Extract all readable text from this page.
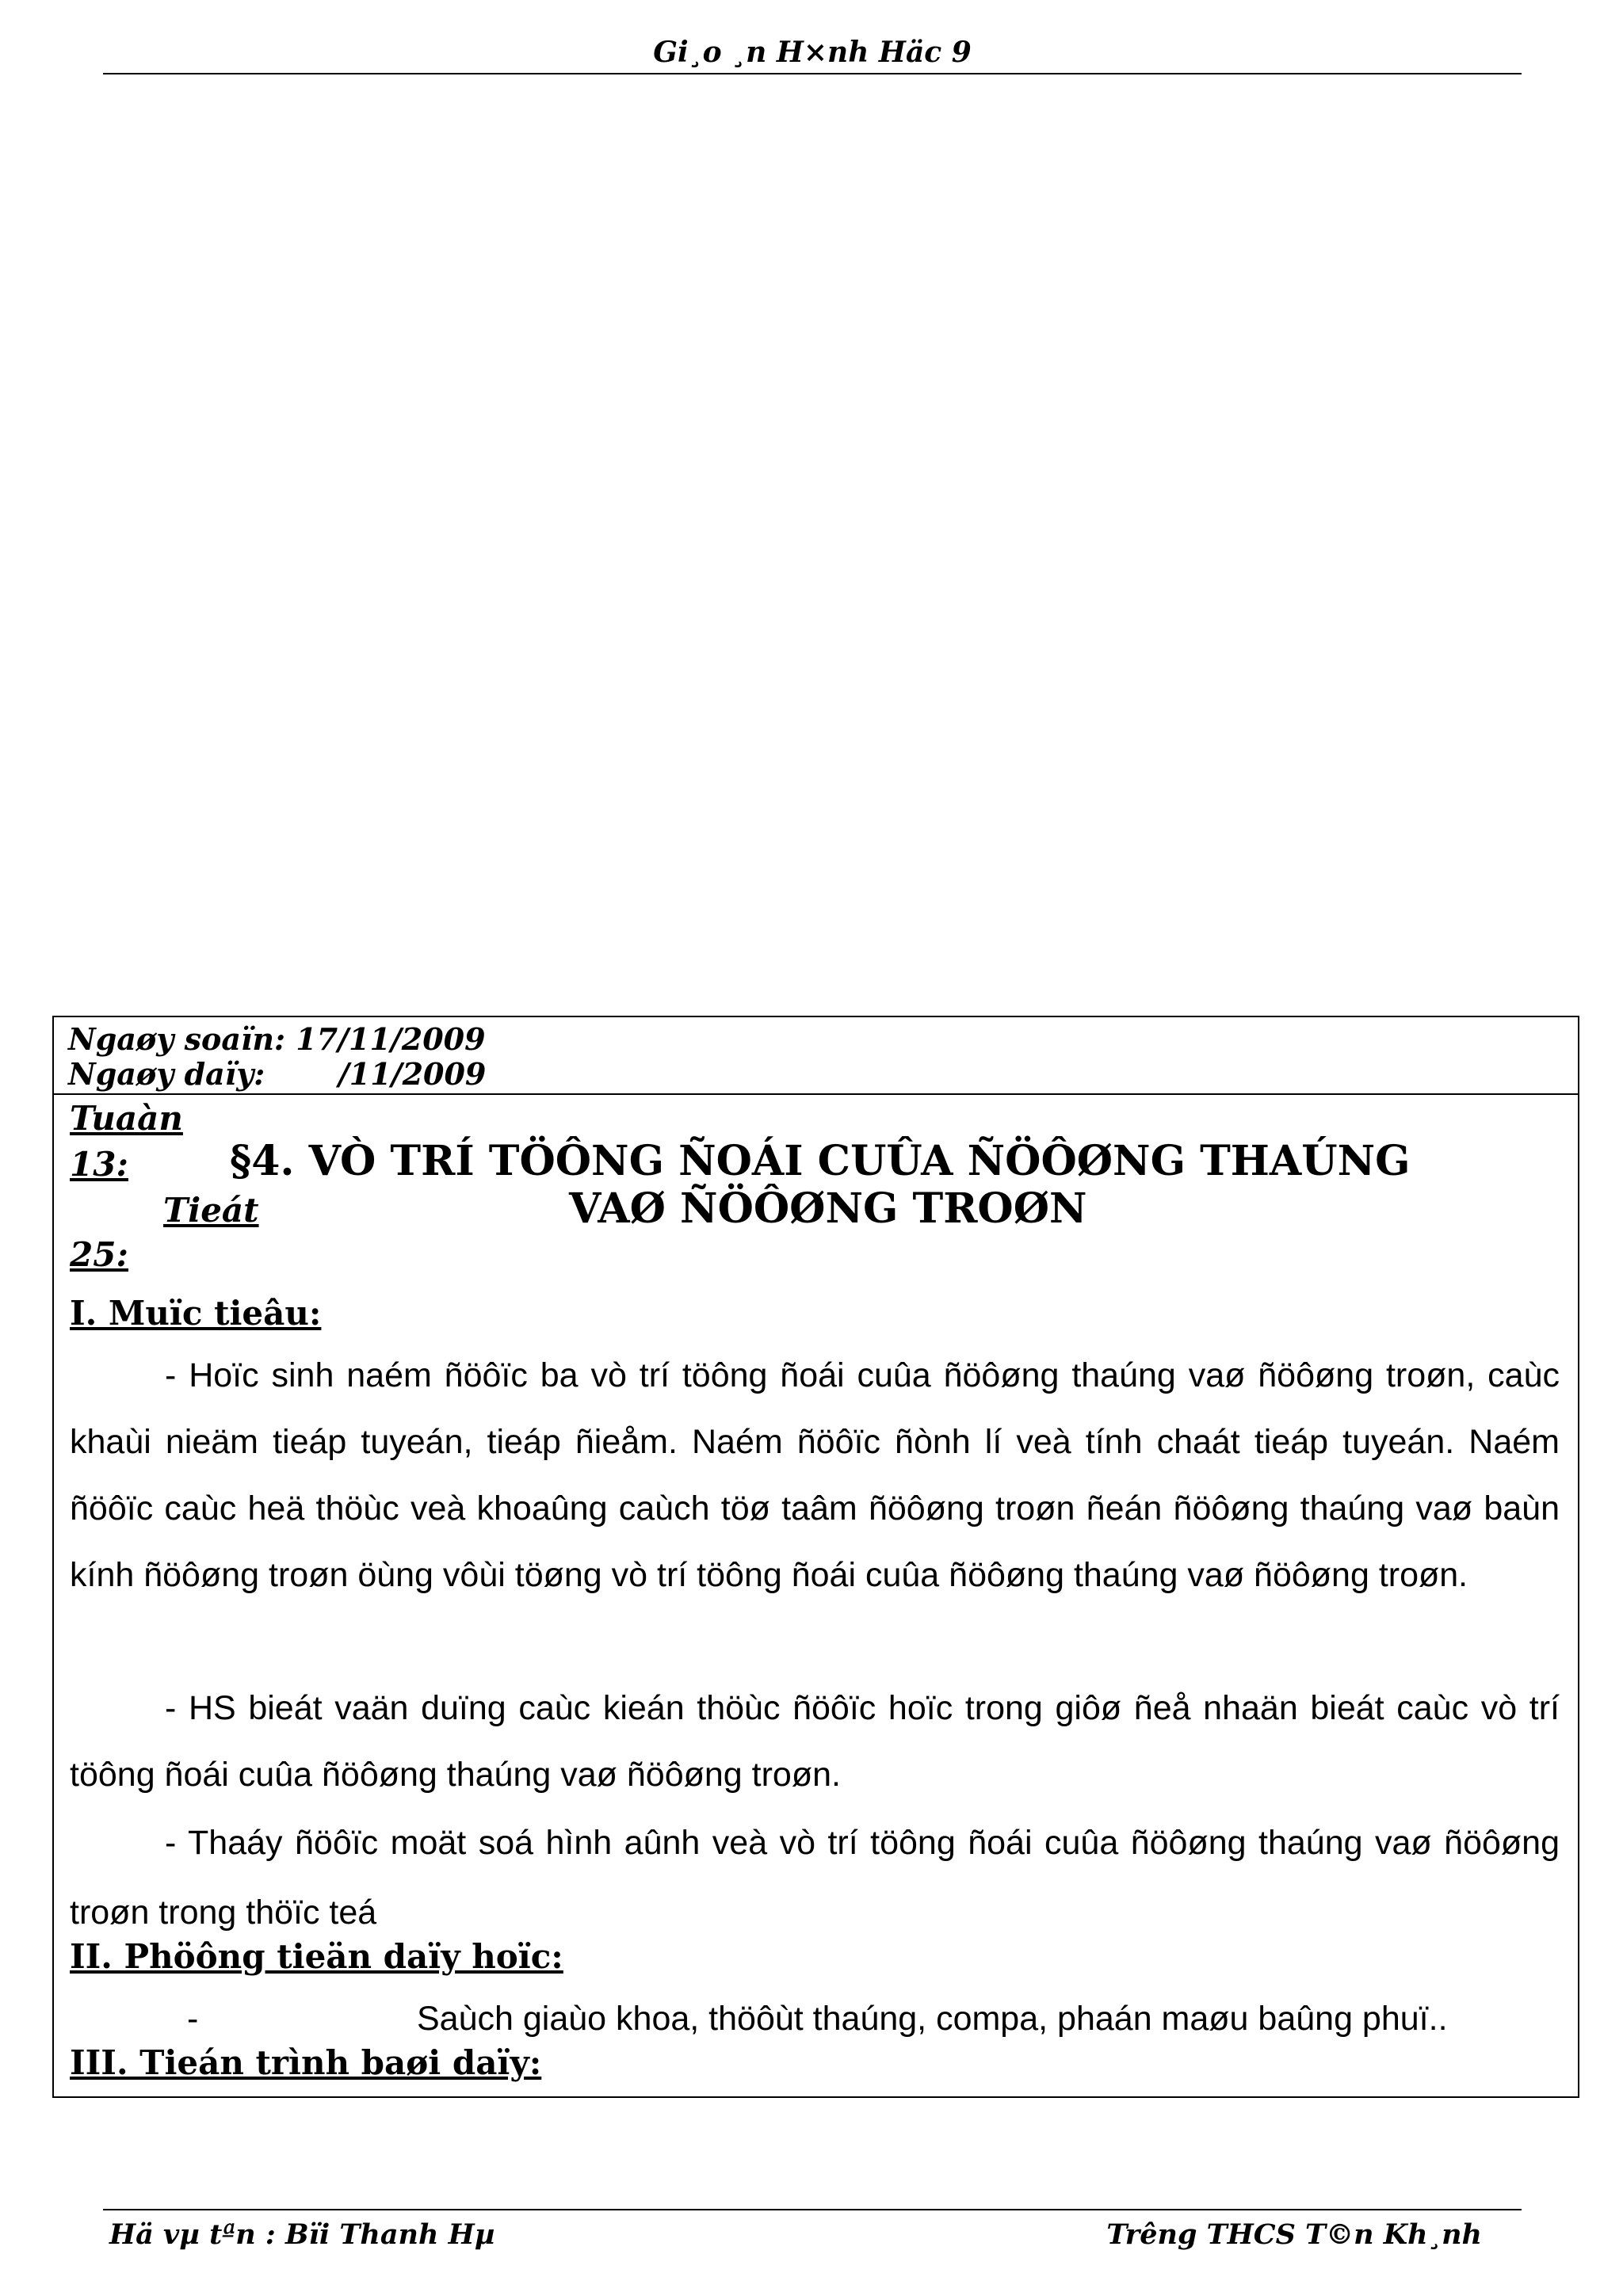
Gi¸o ¸n H×nh Häc 9
Ngaøy soaïn: 17/11/2009
Ngaøy daïy:       /11/2009
Tuaàn
13:
Tieát
25:
§4. VÒ TRÍ TÖÔNG ÑOÁI CUÛA ÑÖÔØNG THAÚNG
VAØ ÑÖÔØNG TROØN
I. Muïc tieâu:

- Hoïc sinh naém ñöôïc ba vò trí töông ñoái cuûa ñöôøng thaúng vaø ñöôøng troøn, caùc khaùi nieäm tieáp tuyeán, tieáp ñieåm. Naém ñöôïc ñònh lí veà tính chaát tieáp tuyeán. Naém ñöôïc caùc heä thöùc veà khoaûng caùch töø taâm ñöôøng troøn ñeán ñöôøng thaúng vaø baùn kính ñöôøng troøn öùng vôùi töøng vò trí töông ñoái cuûa ñöôøng thaúng vaø ñöôøng troøn.

- HS bieát vaän duïng caùc kieán thöùc ñöôïc hoïc trong giôø ñeå nhaän bieát caùc vò trí töông ñoái cuûa ñöôøng thaúng vaø ñöôøng troøn.

- Thaáy ñöôïc moät soá hình aûnh veà vò trí töông ñoái cuûa ñöôøng thaúng vaø ñöôøng troøn trong thöïc teá

II. Phöông tieän daïy hoïc:
-	Saùch giaùo khoa, thöôùt thaúng, compa, phaán maøu baûng phuï..
III. Tieán trình baøi daïy:
Hä vµ tªn : Bïi Thanh Hµ	Trêng THCS T©n Kh¸nh
